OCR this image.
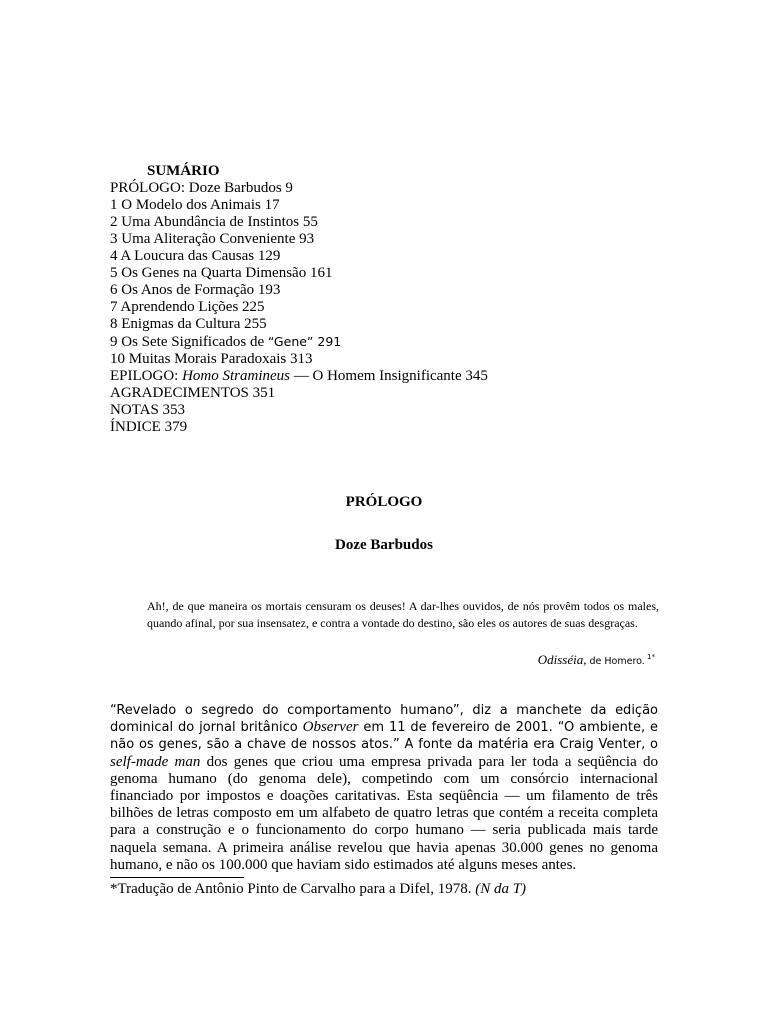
SUMÁRIO
PRÓLOGO: Doze Barbudos 9
1 O Modelo dos Animais 17
2 Uma Abundância de Instintos 55
3 Uma Aliteração Conveniente 93
4 A Loucura das Causas 129
5 Os Genes na Quarta Dimensão 161
6 Os Anos de Formação 193
7 Aprendendo Lições 225
8 Enigmas da Cultura 255
9 Os Sete Significados de “Gene” 291
10 Muitas Morais Paradoxais 313
EPILOGO: Homo Stramineus — O Homem Insignificante 345
AGRADECIMENTOS 351
NOTAS 353
ÍNDICE 379
PRÓLOGO
Doze Barbudos
Ah!, de que maneira os mortais censuram os deuses! A dar-lhes ouvidos, de nós provêm todos os males, quando afinal, por sua insensatez, e contra a vontade do destino, são eles os autores de suas desgraças.
Odisséia, de Homero. $^{1*}$
“Revelado o segredo do comportamento humano”, diz a manchete da edição dominical do jornal britânico Observer em 11 de fevereiro de 2001. “O ambiente, e não os genes, são a chave de nossos atos.” A fonte da matéria era Craig Venter, o self-made man dos genes que criou uma empresa privada para ler toda a seqüência do genoma humano (do genoma dele), competindo com um consórcio internacional financiado por impostos e doações caritativas. Esta seqüência — um filamento de três bilhões de letras composto em um alfabeto de quatro letras que contém a receita completa para a construção e o funcionamento do corpo humano — seria publicada mais tarde naquela semana. A primeira análise revelou que havia apenas 30.000 genes no genoma humano, e não os 100.000 que haviam sido estimados até alguns meses antes.
*Tradução de Antônio Pinto de Carvalho para a Difel, 1978. (N da T)
